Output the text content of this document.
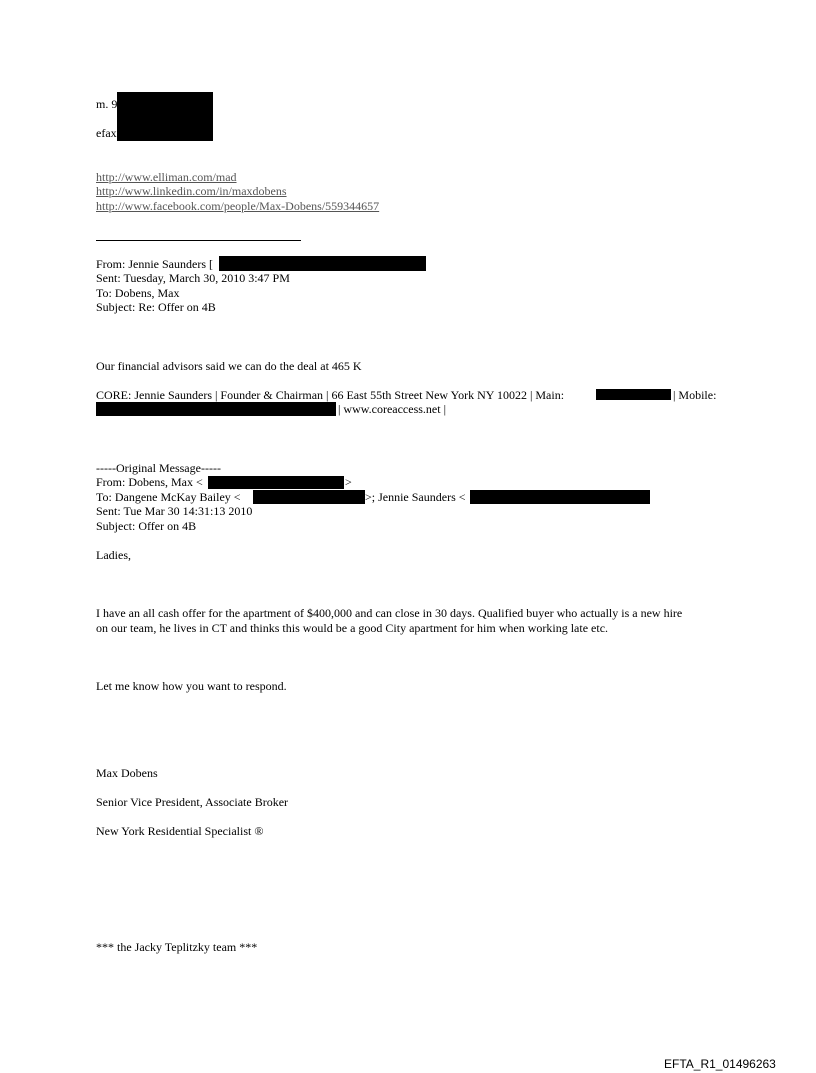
m. 9
efax
http://www.elliman.com/mad
http://www.linkedin.com/in/maxdobens
http://www.facebook.com/people/Max-Dobens/559344657
From: Jennie Saunders [
Sent: Tuesday, March 30, 2010 3:47 PM
To: Dobens, Max
Subject: Re: Offer on 4B
Our financial advisors said we can do the deal at 465 K
CORE: Jennie Saunders | Founder & Chairman | 66 East 55th Street New York NY 10022 | Main:	| Mobile:
| www.coreaccess.net |
-----Original Message-----
From: Dobens, Max <	>
To: Dangene McKay Bailey <	>; Jennie Saunders <
Sent: Tue Mar 30 14:31:13 2010
Subject: Offer on 4B
Ladies,
I have an all cash offer for the apartment of $400,000 and can close in 30 days. Qualified buyer who actually is a new hire
on our team, he lives in CT and thinks this would be a good City apartment for him when working late etc.
Let me know how you want to respond.
Max Dobens
Senior Vice President, Associate Broker
New York Residential Specialist ®
*** the Jacky Teplitzky team ***
EFTA_R1_01496263
